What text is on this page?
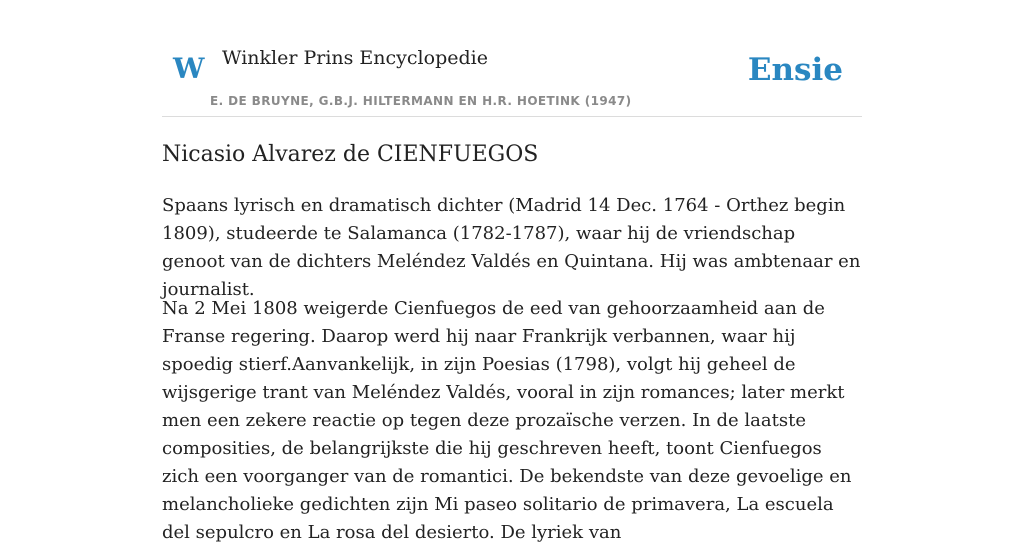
W Winkler Prins Encyclopedie
E. DE BRUYNE, G.B.J. HILTERMANN EN H.R. HOETINK (1947)
Ensie
Nicasio Alvarez de CIENFUEGOS

Spaans lyrisch en dramatisch dichter (Madrid 14 Dec. 1764 - Orthez begin 1809), studeerde te Salamanca (1782-1787), waar hij de vriendschap genoot van de dichters Meléndez Valdés en Quintana. Hij was ambtenaar en journalist.

Na 2 Mei 1808 weigerde Cienfuegos de eed van gehoorzaamheid aan de Franse regering. Daarop werd hij naar Frankrijk verbannen, waar hij spoedig stierf.Aanvankelijk, in zijn Poesias (1798), volgt hij geheel de wijsgerige trant van Meléndez Valdés, vooral in zijn romances; later merkt men een zekere reactie op tegen deze prozaïsche verzen. In de laatste composities, de belangrijkste die hij geschreven heeft, toont Cienfuegos zich een voorganger van de romantici. De bekendste van deze gevoelige en melancholieke gedichten zijn Mi paseo solitario de primavera, La escuela del sepulcro en La rosa del desierto. De lyriek van
